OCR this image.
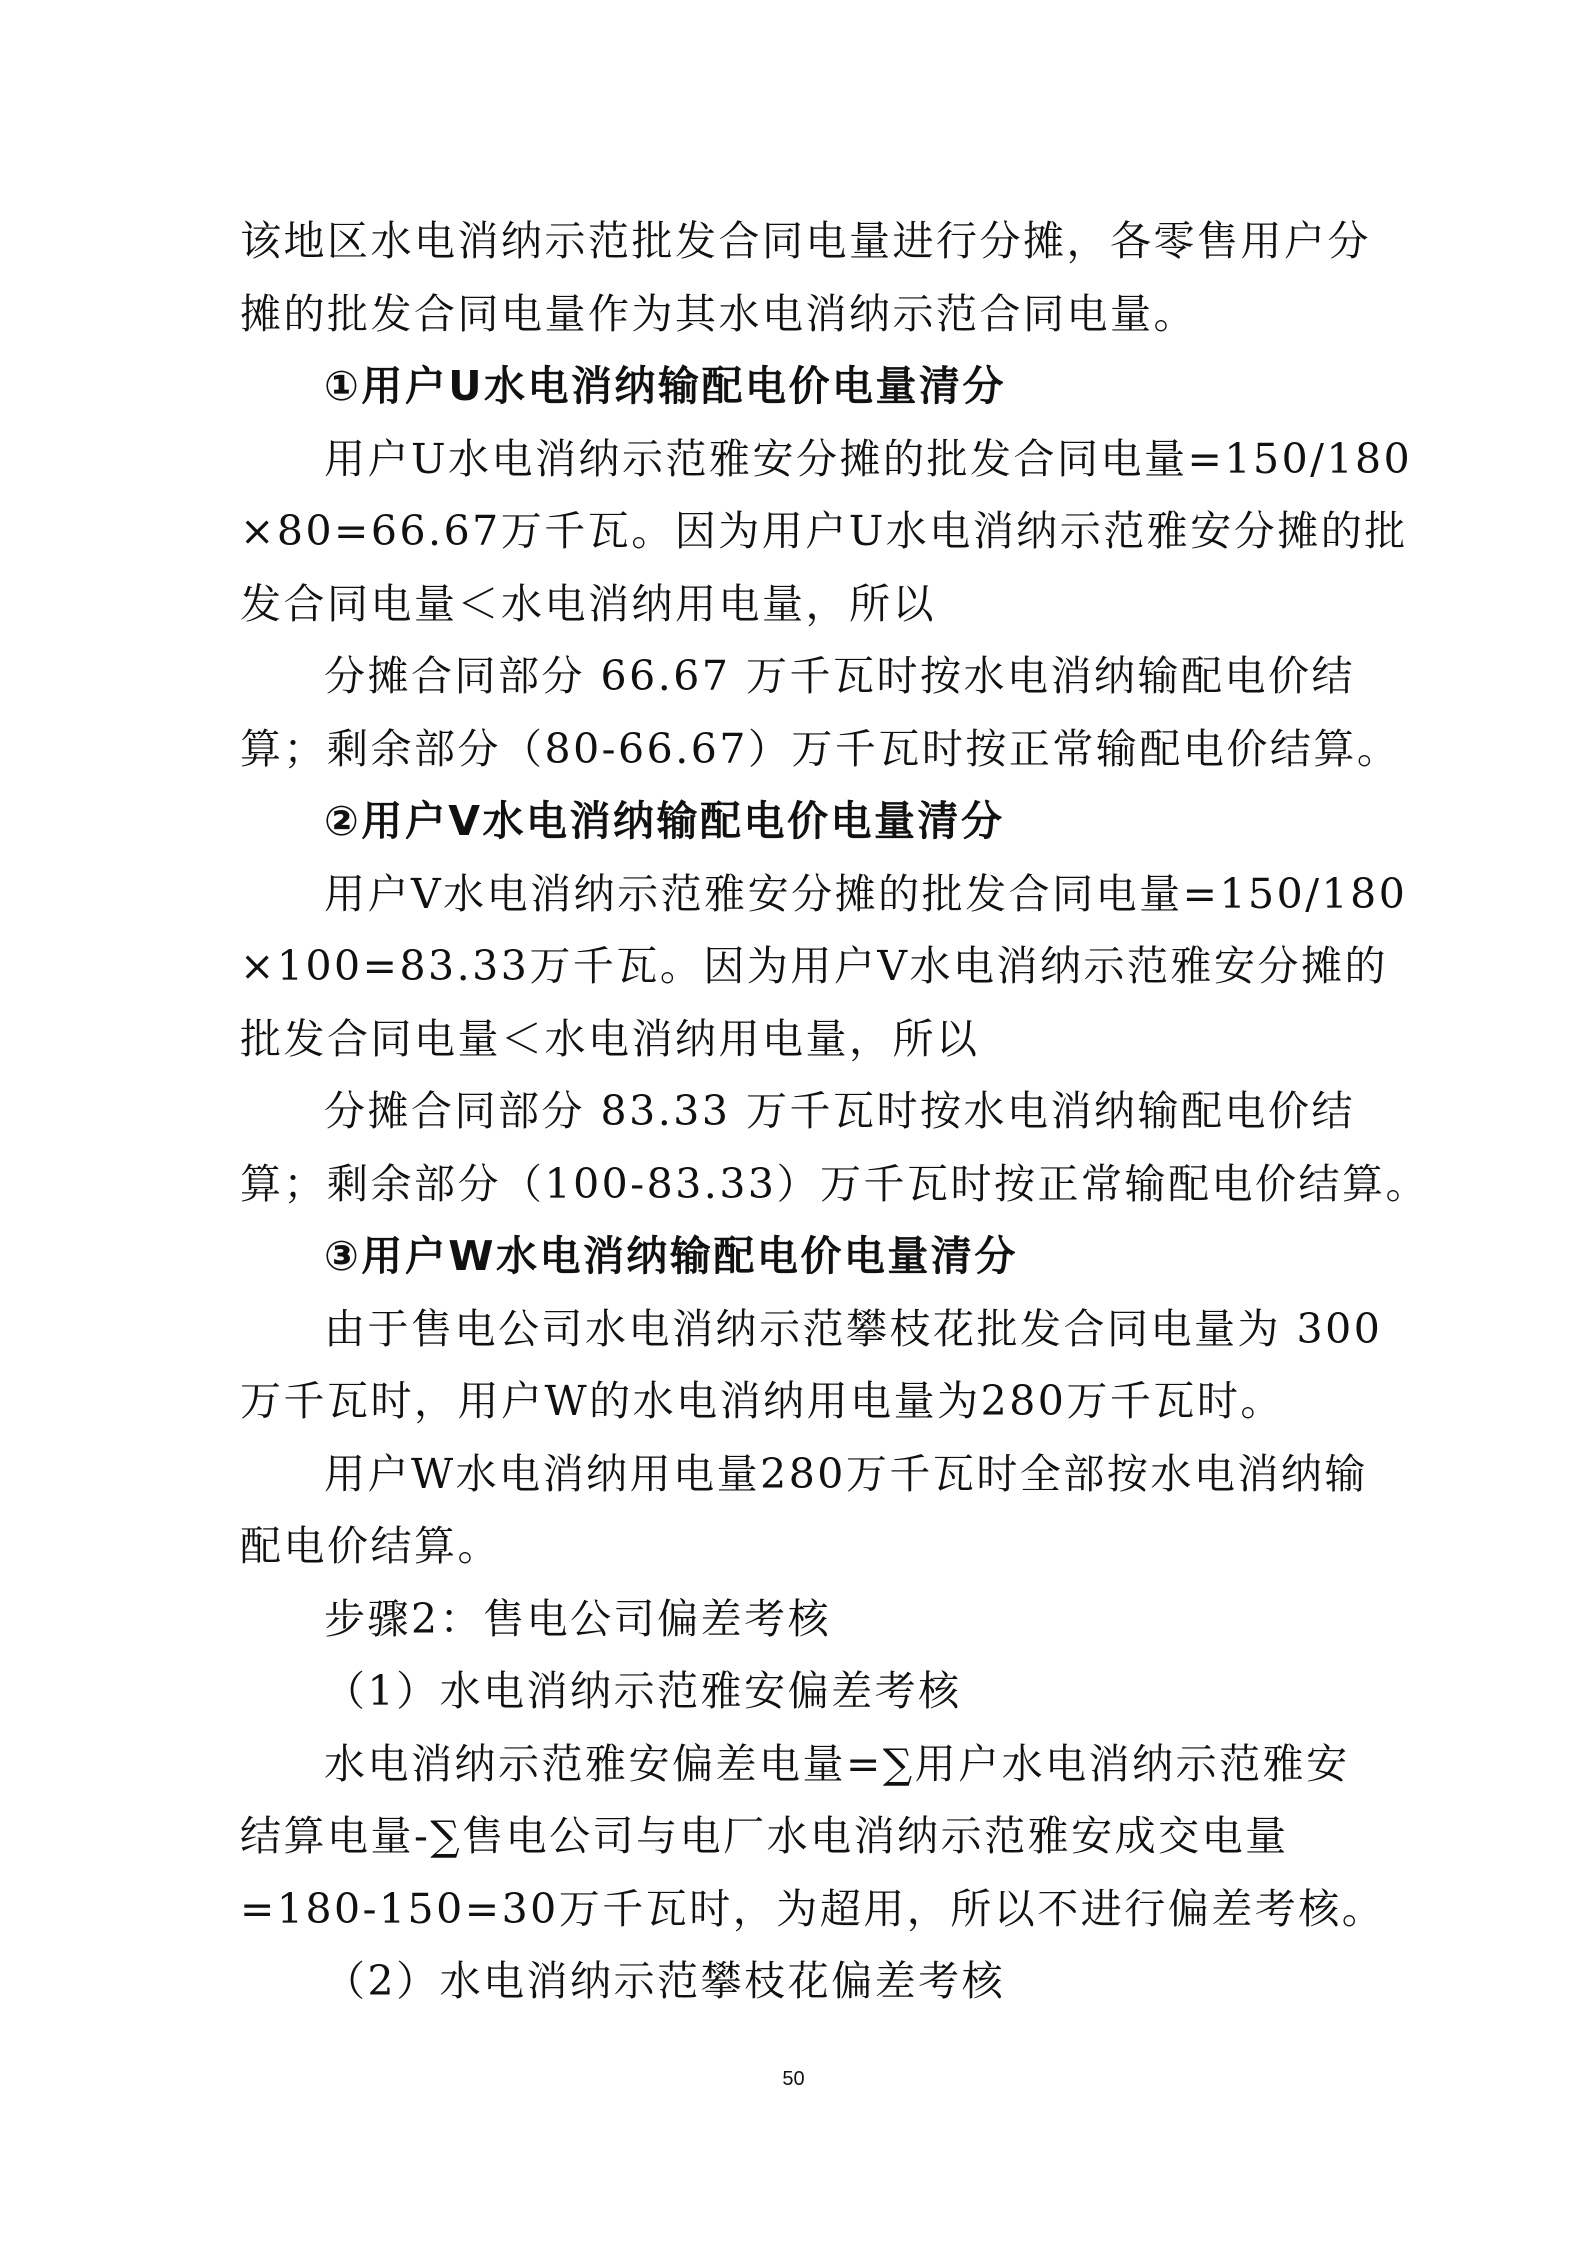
该地区水电消纳示范批发合同电量进行分摊，各零售用户分
摊的批发合同电量作为其水电消纳示范合同电量。
①用户U水电消纳输配电价电量清分
用户U水电消纳示范雅安分摊的批发合同电量=150/180
×80=66.67万千瓦。因为用户U水电消纳示范雅安分摊的批
发合同电量＜水电消纳用电量，所以
分摊合同部分 66.67 万千瓦时按水电消纳输配电价结
算；剩余部分（80-66.67）万千瓦时按正常输配电价结算。
②用户V水电消纳输配电价电量清分
用户V水电消纳示范雅安分摊的批发合同电量=150/180
×100=83.33万千瓦。因为用户V水电消纳示范雅安分摊的
批发合同电量＜水电消纳用电量，所以
分摊合同部分 83.33 万千瓦时按水电消纳输配电价结
算；剩余部分（100-83.33）万千瓦时按正常输配电价结算。
③用户W水电消纳输配电价电量清分
由于售电公司水电消纳示范攀枝花批发合同电量为 300
万千瓦时，用户W的水电消纳用电量为280万千瓦时。
用户W水电消纳用电量280万千瓦时全部按水电消纳输
配电价结算。
步骤2：售电公司偏差考核
（1）水电消纳示范雅安偏差考核
水电消纳示范雅安偏差电量=∑用户水电消纳示范雅安
结算电量-∑售电公司与电厂水电消纳示范雅安成交电量
=180-150=30万千瓦时，为超用，所以不进行偏差考核。
（2）水电消纳示范攀枝花偏差考核
50
